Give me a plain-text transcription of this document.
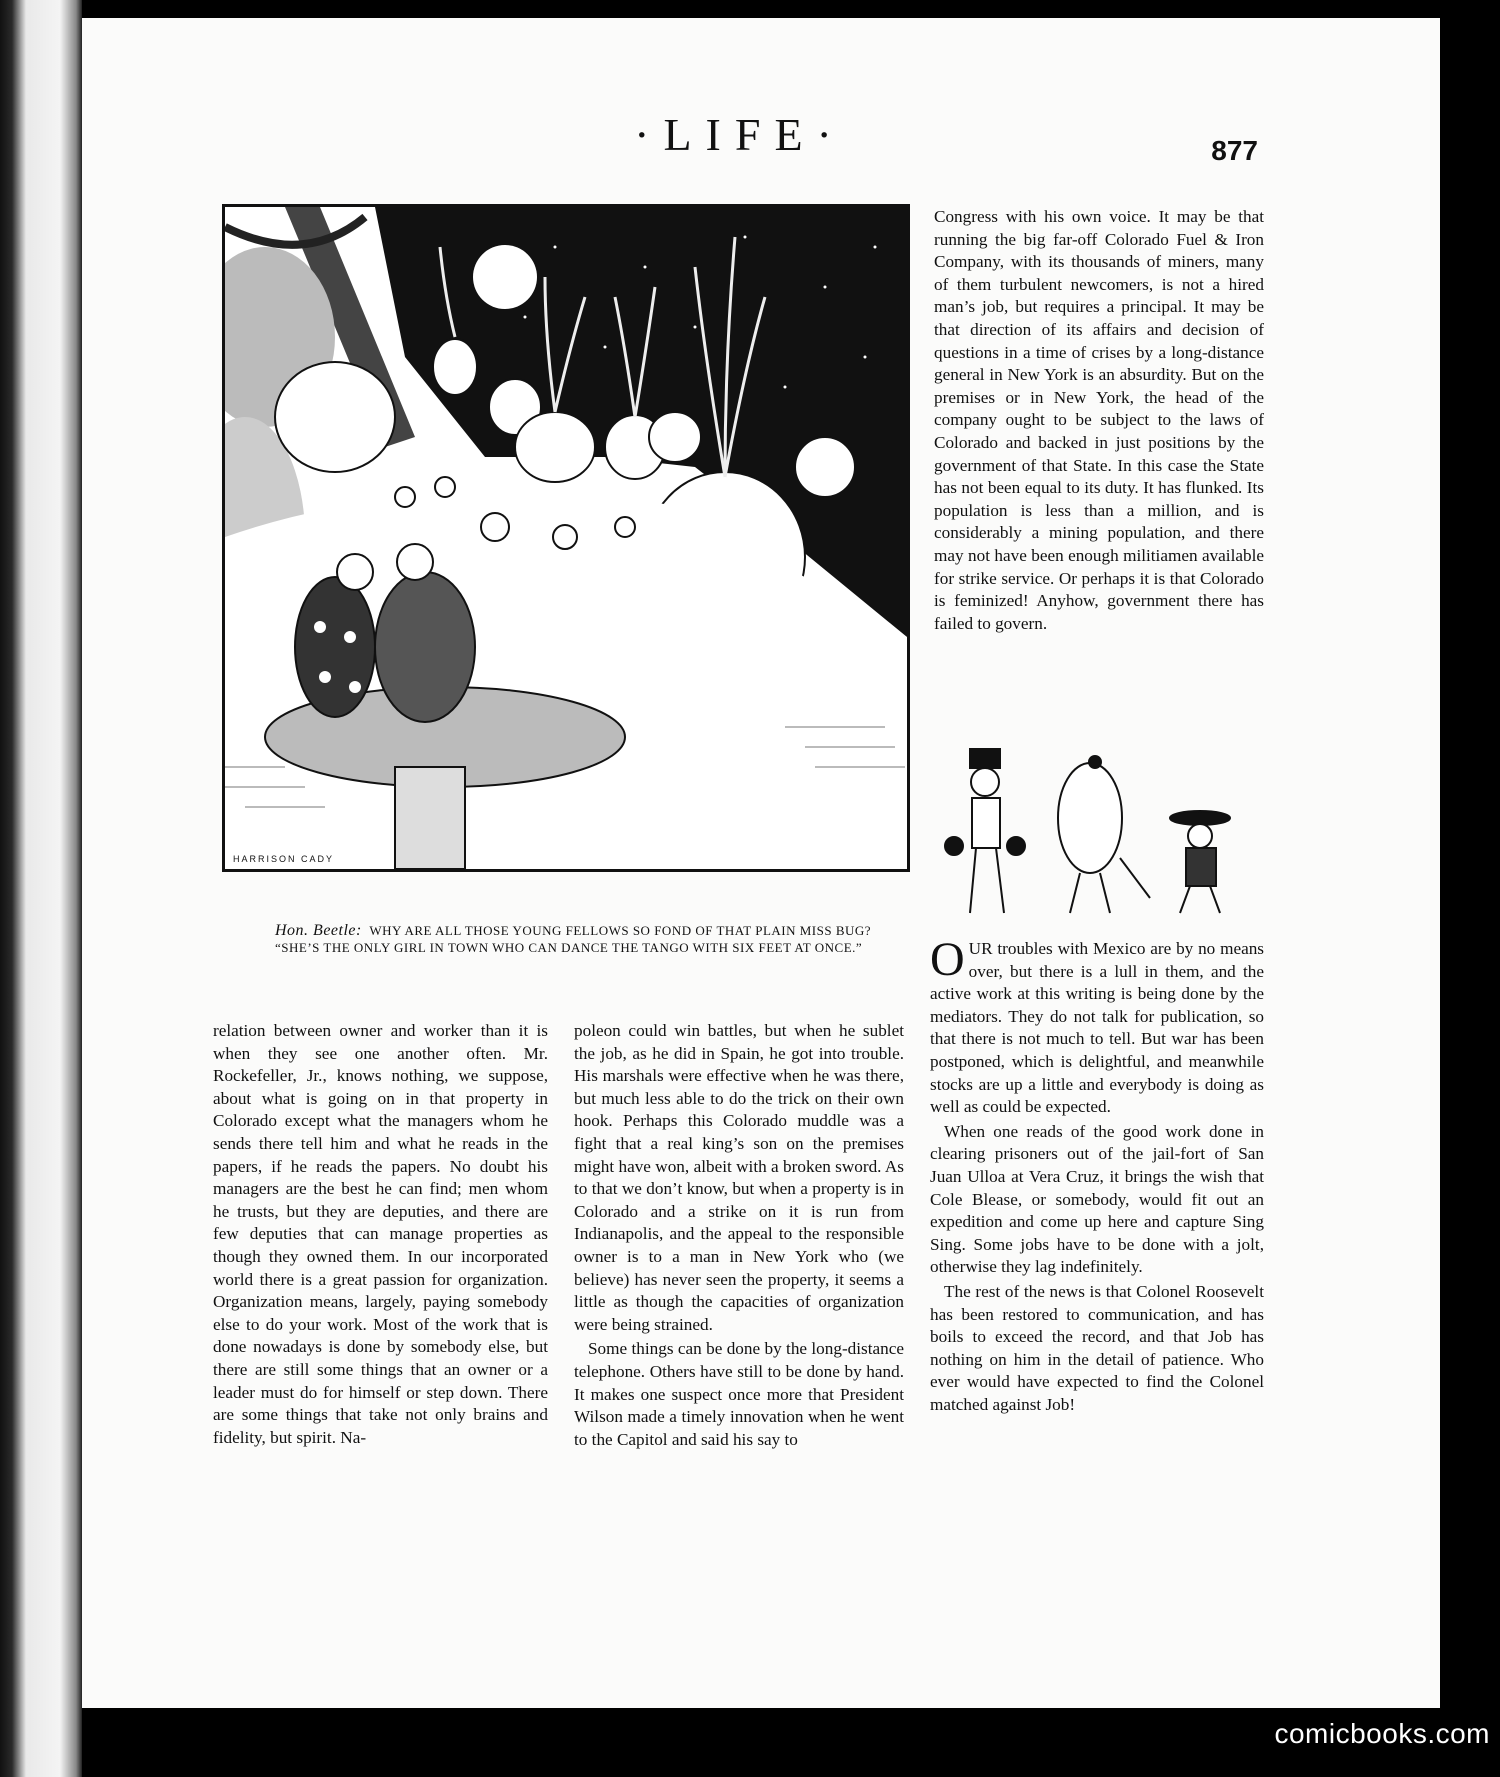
·LIFE·	877
HARRISON CADY

Hon. Beetle: WHY ARE ALL THOSE YOUNG FELLOWS SO FOND OF THAT PLAIN MISS BUG?

“SHE’S THE ONLY GIRL IN TOWN WHO CAN DANCE THE TANGO WITH SIX FEET AT ONCE.”

Congress with his own voice. It may be that running the big far-off Colorado Fuel & Iron Company, with its thousands of miners, many of them turbulent newcomers, is not a hired man’s job, but requires a principal. It may be that direction of its affairs and decision of questions in a time of crises by a long-distance general in New York is an absurdity. But on the premises or in New York, the head of the company ought to be subject to the laws of Colorado and backed in just positions by the government of that State. In this case the State has not been equal to its duty. It has flunked. Its population is less than a million, and is considerably a mining population, and there may not have been enough militiamen available for strike service. Or perhaps it is that Colorado is feminized! Anyhow, government there has failed to govern.

relation between owner and worker than it is when they see one another often. Mr. Rockefeller, Jr., knows nothing, we suppose, about what is going on in that property in Colorado except what the managers whom he sends there tell him and what he reads in the papers, if he reads the papers. No doubt his managers are the best he can find; men whom he trusts, but they are deputies, and there are few deputies that can manage properties as though they owned them. In our incorporated world there is a great passion for organization. Organization means, largely, paying somebody else to do your work. Most of the work that is done nowadays is done by somebody else, but there are still some things that an owner or a leader must do for himself or step down. There are some things that take not only brains and fidelity, but spirit. Na-

poleon could win battles, but when he sublet the job, as he did in Spain, he got into trouble. His marshals were effective when he was there, but much less able to do the trick on their own hook. Perhaps this Colorado muddle was a fight that a real king’s son on the premises might have won, albeit with a broken sword. As to that we don’t know, but when a property is in Colorado and a strike on it is run from Indianapolis, and the appeal to the responsible owner is to a man in New York who (we believe) has never seen the property, it seems a little as though the capacities of organization were being strained.

Some things can be done by the long-distance telephone. Others have still to be done by hand. It makes one suspect once more that President Wilson made a timely innovation when he went to the Capitol and said his say to

OUR troubles with Mexico are by no means over, but there is a lull in them, and the active work at this writing is being done by the mediators. They do not talk for publication, so that there is not much to tell. But war has been postponed, which is delightful, and meanwhile stocks are up a little and everybody is doing as well as could be expected.

When one reads of the good work done in clearing prisoners out of the jail-fort of San Juan Ulloa at Vera Cruz, it brings the wish that Cole Blease, or somebody, would fit out an expedition and come up here and capture Sing Sing. Some jobs have to be done with a jolt, otherwise they lag indefinitely.

The rest of the news is that Colonel Roosevelt has been restored to communication, and has boils to exceed the record, and that Job has nothing on him in the detail of patience. Who ever would have expected to find the Colonel matched against Job!

comicbooks.com
